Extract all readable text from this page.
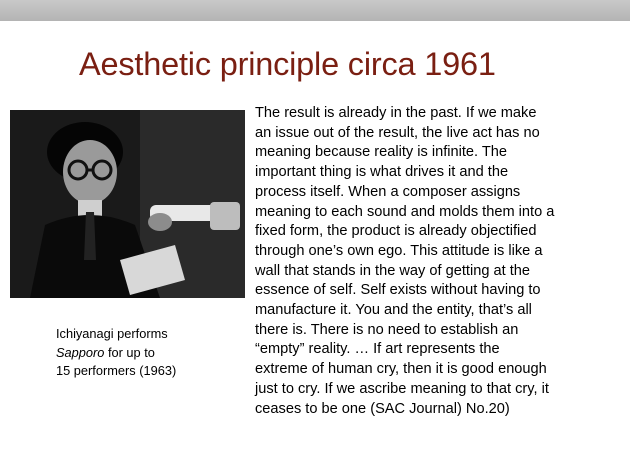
Aesthetic principle circa 1961
Ichiyanagi performs
Sapporo for up to
15 performers (1963)
The result is already in the past. If we make
an issue out of the result, the live act has no
meaning because reality is infinite. The
important thing is what drives it and the
process itself. When a composer assigns
meaning to each sound and molds them into a
fixed form, the product is already objectified
through one’s own ego. This attitude is like a
wall that stands in the way of getting at the
essence of self. Self exists without having to
manufacture it. You and the entity, that’s all
there is. There is no need to establish an
“empty” reality. … If art represents the
extreme of human cry, then it is good enough
just to cry. If we ascribe meaning to that cry, it
ceases to be one (SAC Journal) No.20)
